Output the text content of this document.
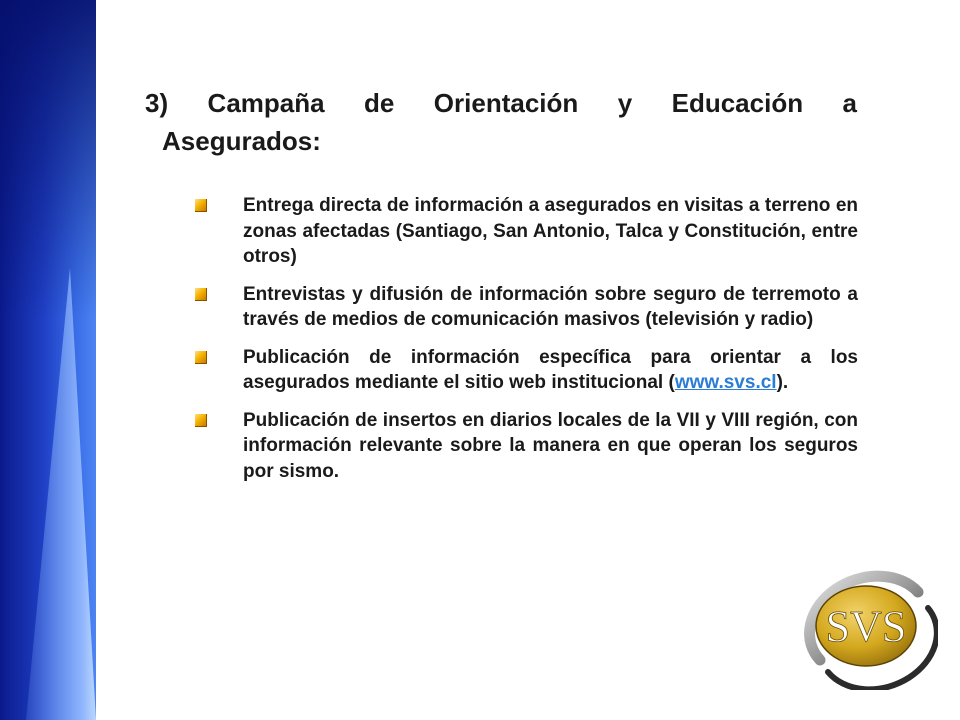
3) Campaña de Orientación y Educación a
Asegurados:

Entrega directa de información a asegurados en visitas a terreno en zonas afectadas (Santiago, San Antonio, Talca y Constitución, entre otros)

Entrevistas y difusión de información sobre seguro de terremoto a través de medios de comunicación masivos (televisión y radio)

Publicación de información específica para orientar a los asegurados mediante el sitio web institucional (www.svs.cl).

Publicación de insertos en diarios locales de la VII y VIII región, con información relevante sobre la manera en que operan los seguros por sismo.

SVS
